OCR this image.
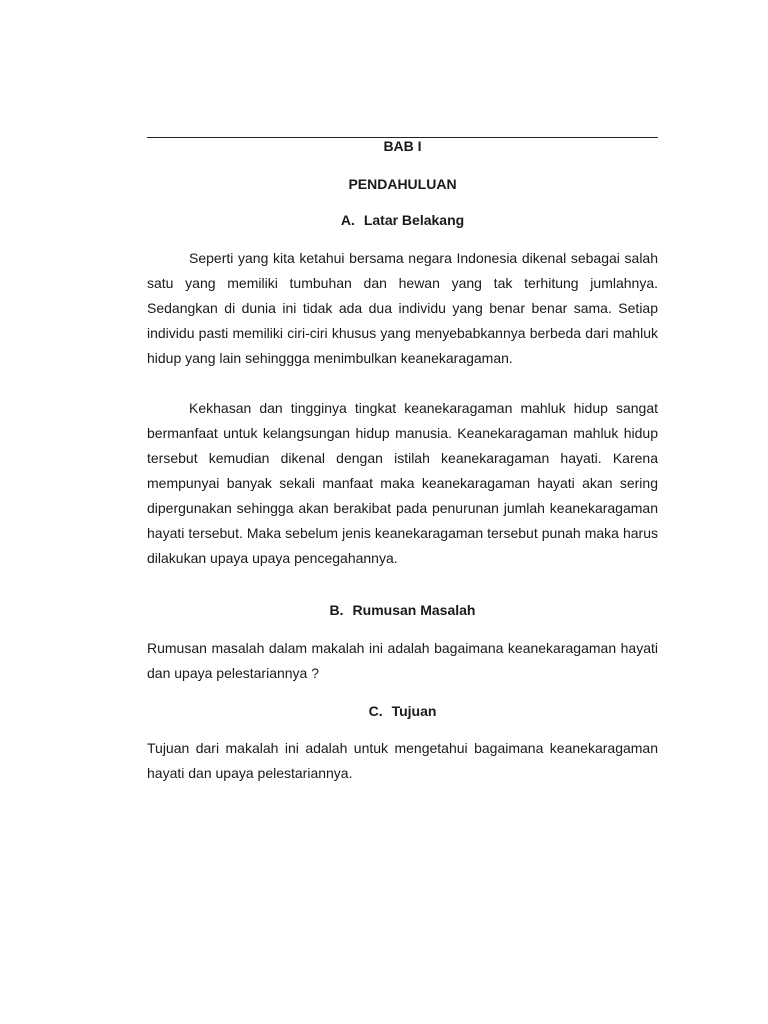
BAB I
PENDAHULUAN
A. Latar Belakang

Seperti yang kita ketahui bersama negara Indonesia dikenal sebagai salah satu yang memiliki tumbuhan dan hewan yang tak terhitung jumlahnya. Sedangkan di dunia ini tidak ada dua individu yang benar benar sama. Setiap individu pasti memiliki ciri-ciri khusus yang menyebabkannya berbeda dari mahluk hidup yang lain sehinggga menimbulkan keanekaragaman.

Kekhasan dan tingginya tingkat keanekaragaman mahluk hidup sangat bermanfaat untuk kelangsungan hidup manusia. Keanekaragaman mahluk hidup tersebut kemudian dikenal dengan istilah keanekaragaman hayati. Karena mempunyai banyak sekali manfaat maka keanekaragaman hayati akan sering dipergunakan sehingga akan berakibat pada penurunan jumlah keanekaragaman hayati tersebut. Maka sebelum jenis keanekaragaman tersebut punah maka harus dilakukan upaya upaya pencegahannya.

B. Rumusan Masalah

Rumusan masalah dalam makalah ini adalah bagaimana keanekaragaman hayati dan upaya pelestariannya ?

C. Tujuan

Tujuan dari makalah ini adalah untuk mengetahui bagaimana keanekaragaman hayati dan upaya pelestariannya.
